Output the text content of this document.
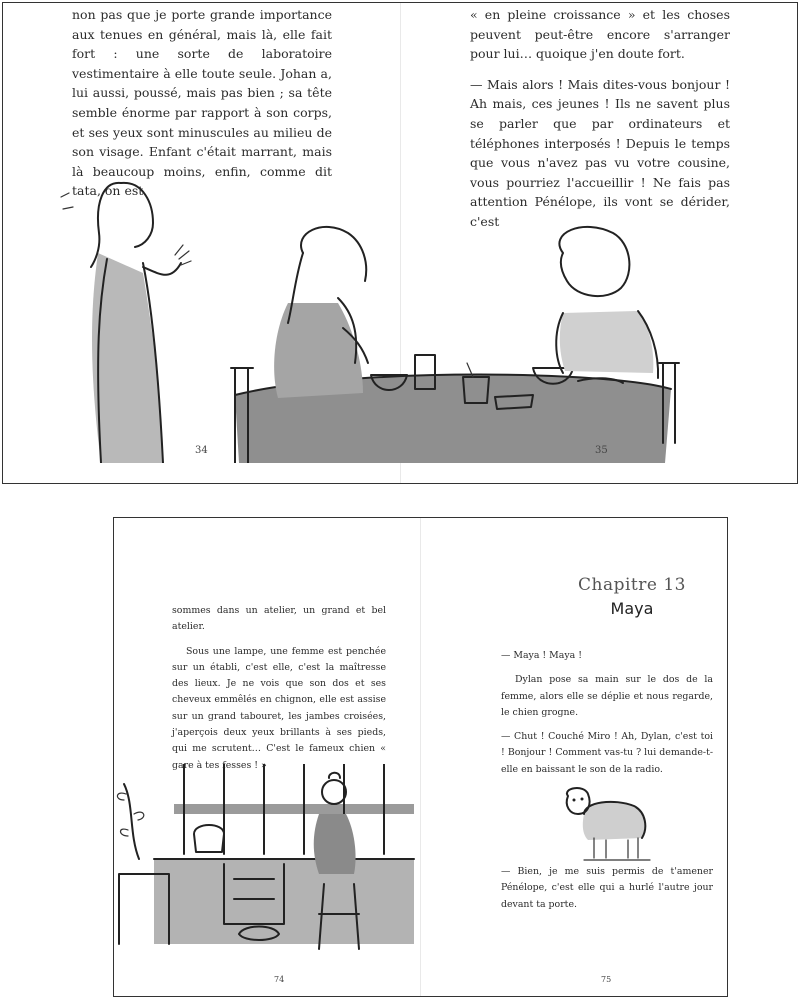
non pas que je porte grande importance aux tenues en général, mais là, elle fait fort : une sorte de laboratoire vestimentaire à elle toute seule. Johan a, lui aussi, poussé, mais pas bien ; sa tête semble énorme par rapport à son corps, et ses yeux sont minuscules au milieu de son visage. Enfant c'était marrant, mais là beaucoup moins, enfin, comme dit tata, on est

« en pleine croissance » et les choses peuvent peut-être encore s'arranger pour lui… quoique j'en doute fort.

— Mais alors ! Mais dites-vous bonjour ! Ah mais, ces jeunes ! Ils ne savent plus se parler que par ordinateurs et téléphones interposés ! Depuis le temps que vous n'avez pas vu votre cousine, vous pourriez l'accueillir ! Ne fais pas attention Pénélope, ils vont se dérider, c'est

34	35

sommes dans un atelier, un grand et bel atelier.

Sous une lampe, une femme est penchée sur un établi, c'est elle, c'est la maîtresse des lieux. Je ne vois que son dos et ses cheveux emmêlés en chignon, elle est assise sur un grand tabouret, les jambes croisées, j'aperçois deux yeux brillants à ses pieds, qui me scrutent… C'est le fameux chien « gare à tes fesses ! »

Chapitre 13
Maya

— Maya ! Maya !

Dylan pose sa main sur le dos de la femme, alors elle se déplie et nous regarde, le chien grogne.

— Chut ! Couché Miro ! Ah, Dylan, c'est toi ! Bonjour ! Comment vas-tu ? lui demande-t-elle en baissant le son de la radio.

— Bien, je me suis permis de t'amener Pénélope, c'est elle qui a hurlé l'autre jour devant ta porte.

74	75
